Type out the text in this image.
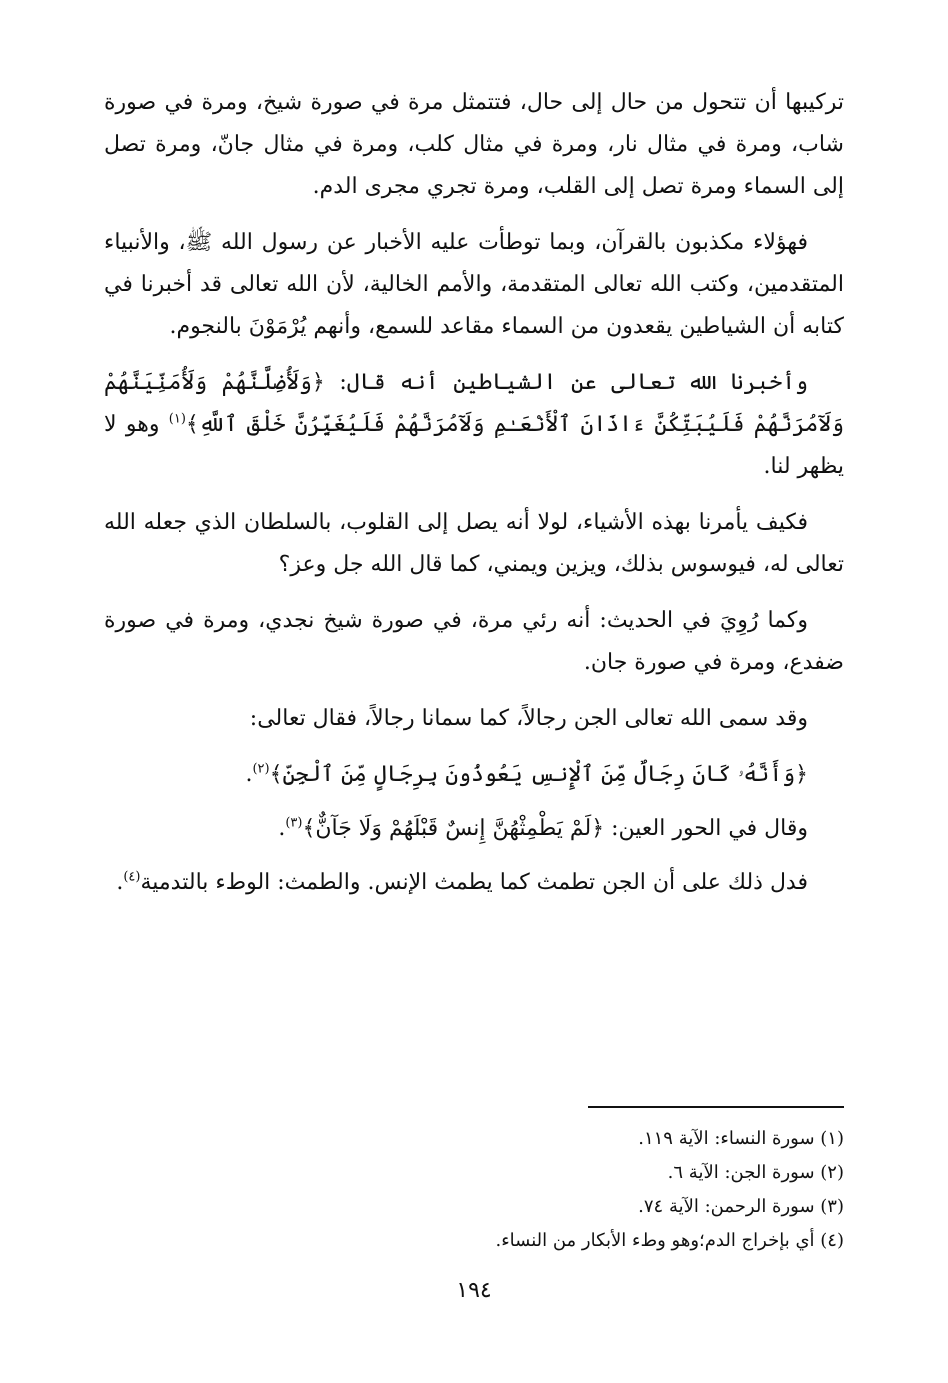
تركيبها أن تتحول من حال إلى حال، فتتمثل مرة في صورة شيخ، ومرة في صورة شاب، ومرة في مثال نار، ومرة في مثال كلب، ومرة في مثال جانّ، ومرة تصل إلى السماء ومرة تصل إلى القلب، ومرة تجري مجرى الدم.

فهؤلاء مكذبون بالقرآن، وبما توطأت عليه الأخبار عن رسول الله ﷺ، والأنبياء المتقدمين، وكتب الله تعالى المتقدمة، والأمم الخالية، لأن الله تعالى قد أخبرنا في كتابه أن الشياطين يقعدون من السماء مقاعد للسمع، وأنهم يُرْمَوْنَ بالنجوم.

وأخبرنا الله تعالى عن الشياطين أنه قال: ﴿وَلَأُضِلَّنَّهُمْ وَلَأُمَنِّيَنَّهُمْ وَلَآمُرَنَّهُمْ فَلَيُبَتِّكُنَّ ءَاذَانَ ٱلْأَنْعَـٰمِ وَلَآمُرَنَّهُمْ فَلَيُغَيِّرُنَّ خَلْقَ ٱللَّهِ﴾$^{(١)}$ وهو لا يظهر لنا.

فكيف يأمرنا بهذه الأشياء، لولا أنه يصل إلى القلوب، بالسلطان الذي جعله الله تعالى له، فيوسوس بذلك، ويزين ويمني، كما قال الله جل وعز؟

وكما رُوِيَ في الحديث: أنه رئي مرة، في صورة شيخ نجدي، ومرة في صورة ضفدع، ومرة في صورة جان.

وقد سمى الله تعالى الجن رجالاً، كما سمانا رجالاً، فقال تعالى:

﴿وَأَنَّهُۥ كَانَ رِجَالٌ مِّنَ ٱلْإِنسِ يَعُوذُونَ بِرِجَالٍ مِّنَ ٱلْجِنِّ﴾$^{(٢)}$.

وقال في الحور العين: ﴿لَمْ يَطْمِثْهُنَّ إِنسٌ قَبْلَهُمْ وَلَا جَآنٌّ﴾$^{(٣)}$.

فدل ذلك على أن الجن تطمث كما يطمث الإنس. والطمث: الوطء بالتدمية$^{(٤)}$.

(١) سورة النساء: الآية ١١٩.

(٢) سورة الجن: الآية ٦.

(٣) سورة الرحمن: الآية ٧٤.

(٤) أي بإخراج الدم؛وهو وطء الأبكار من النساء.

١٩٤
